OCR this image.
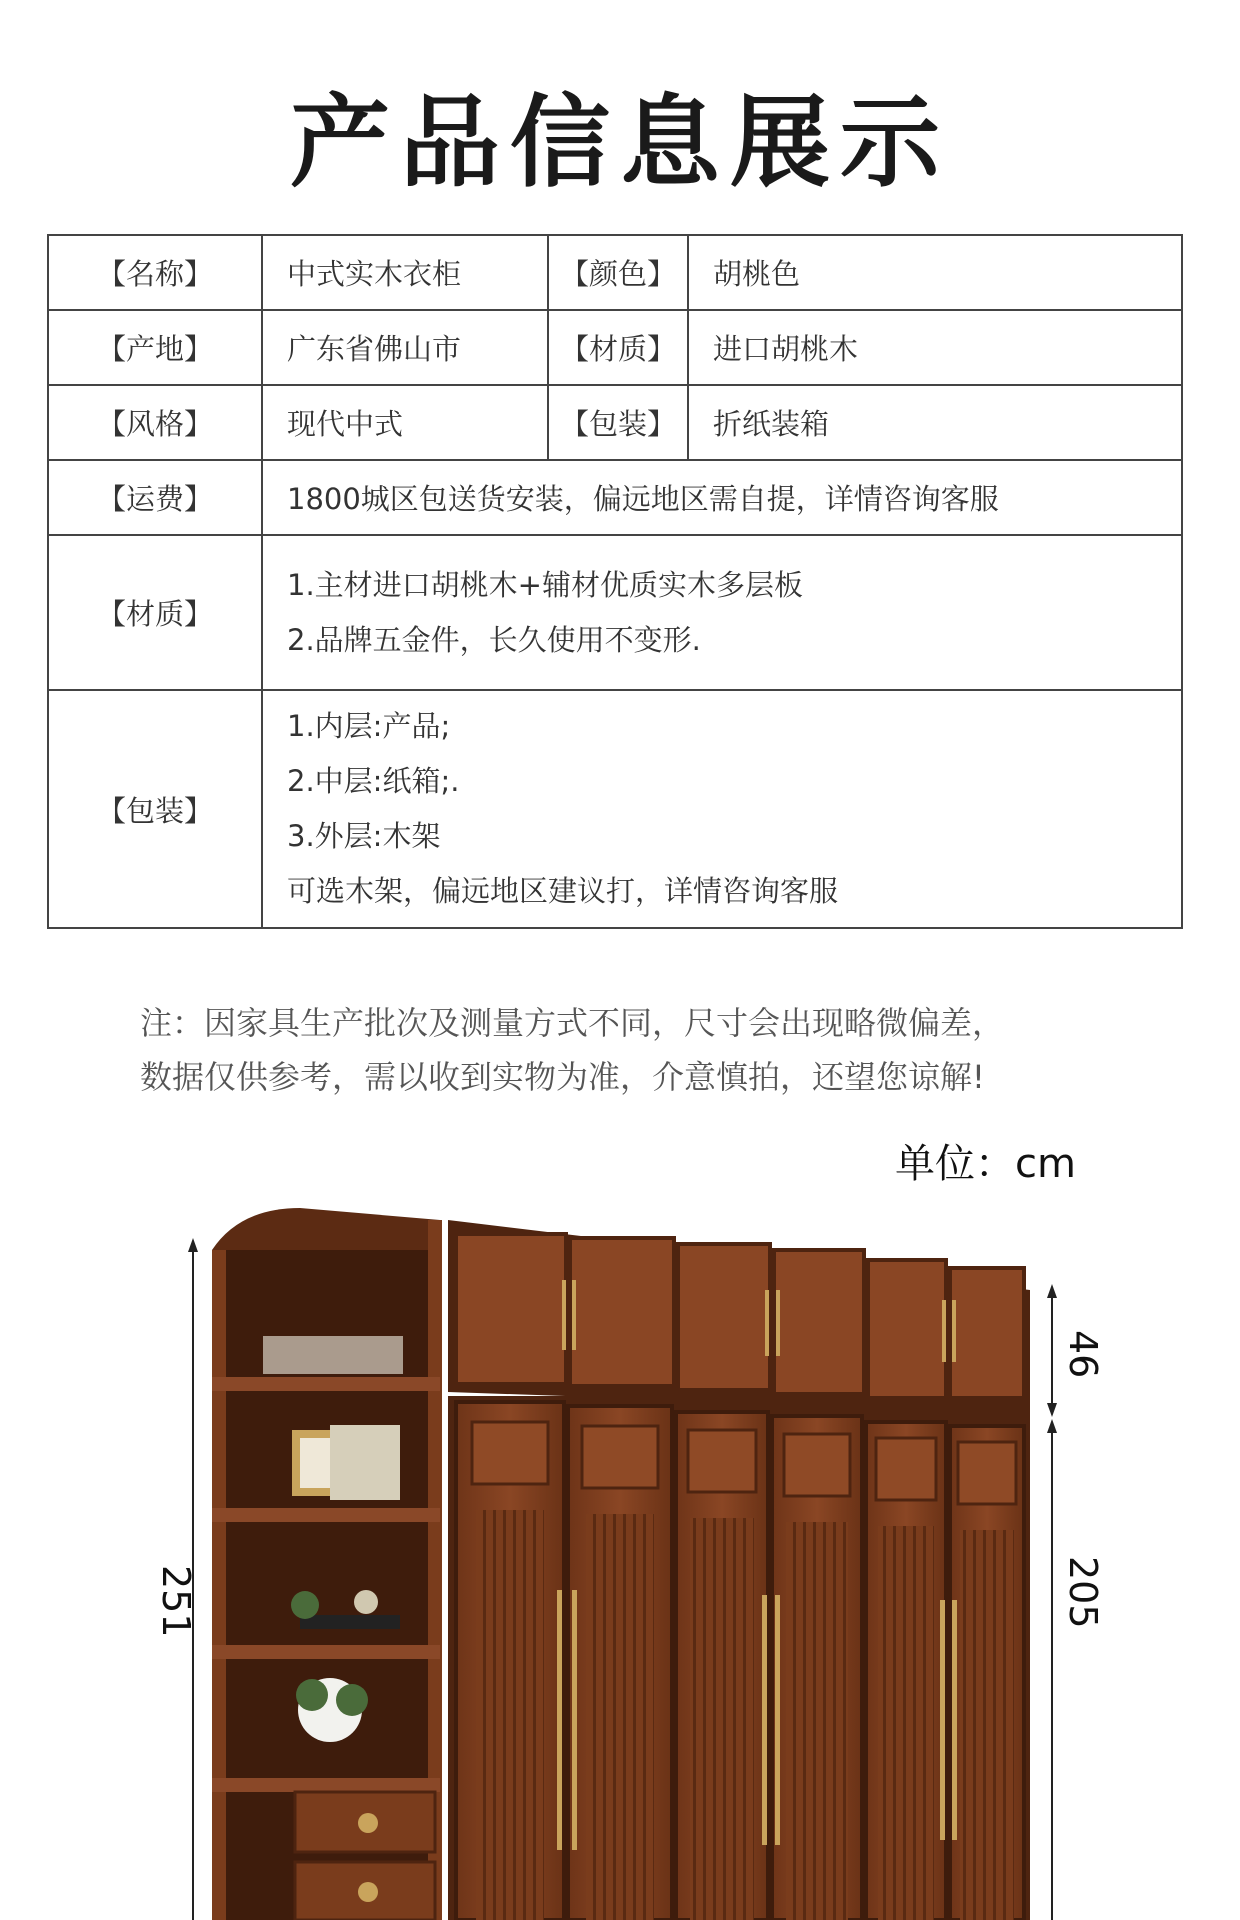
产品信息展示
【名称】	中式实木衣柜	【颜色】	胡桃色
【产地】	广东省佛山市	【材质】	进口胡桃木
【风格】	现代中式	【包装】	折纸装箱
【运费】	1800城区包送货安装，偏远地区需自提，详情咨询客服		
【材质】	1.主材进口胡桃木+辅材优质实木多层板
2.品牌五金件，长久使用不变形.		

【包装】	1.内层:产品;
2.中层:纸箱;.
3.外层:木架
可选木架，偏远地区建议打，详情咨询客服		
注：因家具生产批次及测量方式不同，尺寸会出现略微偏差，
数据仅供参考，需以收到实物为准，介意慎拍，还望您谅解!
单位：cm
251
46
205
